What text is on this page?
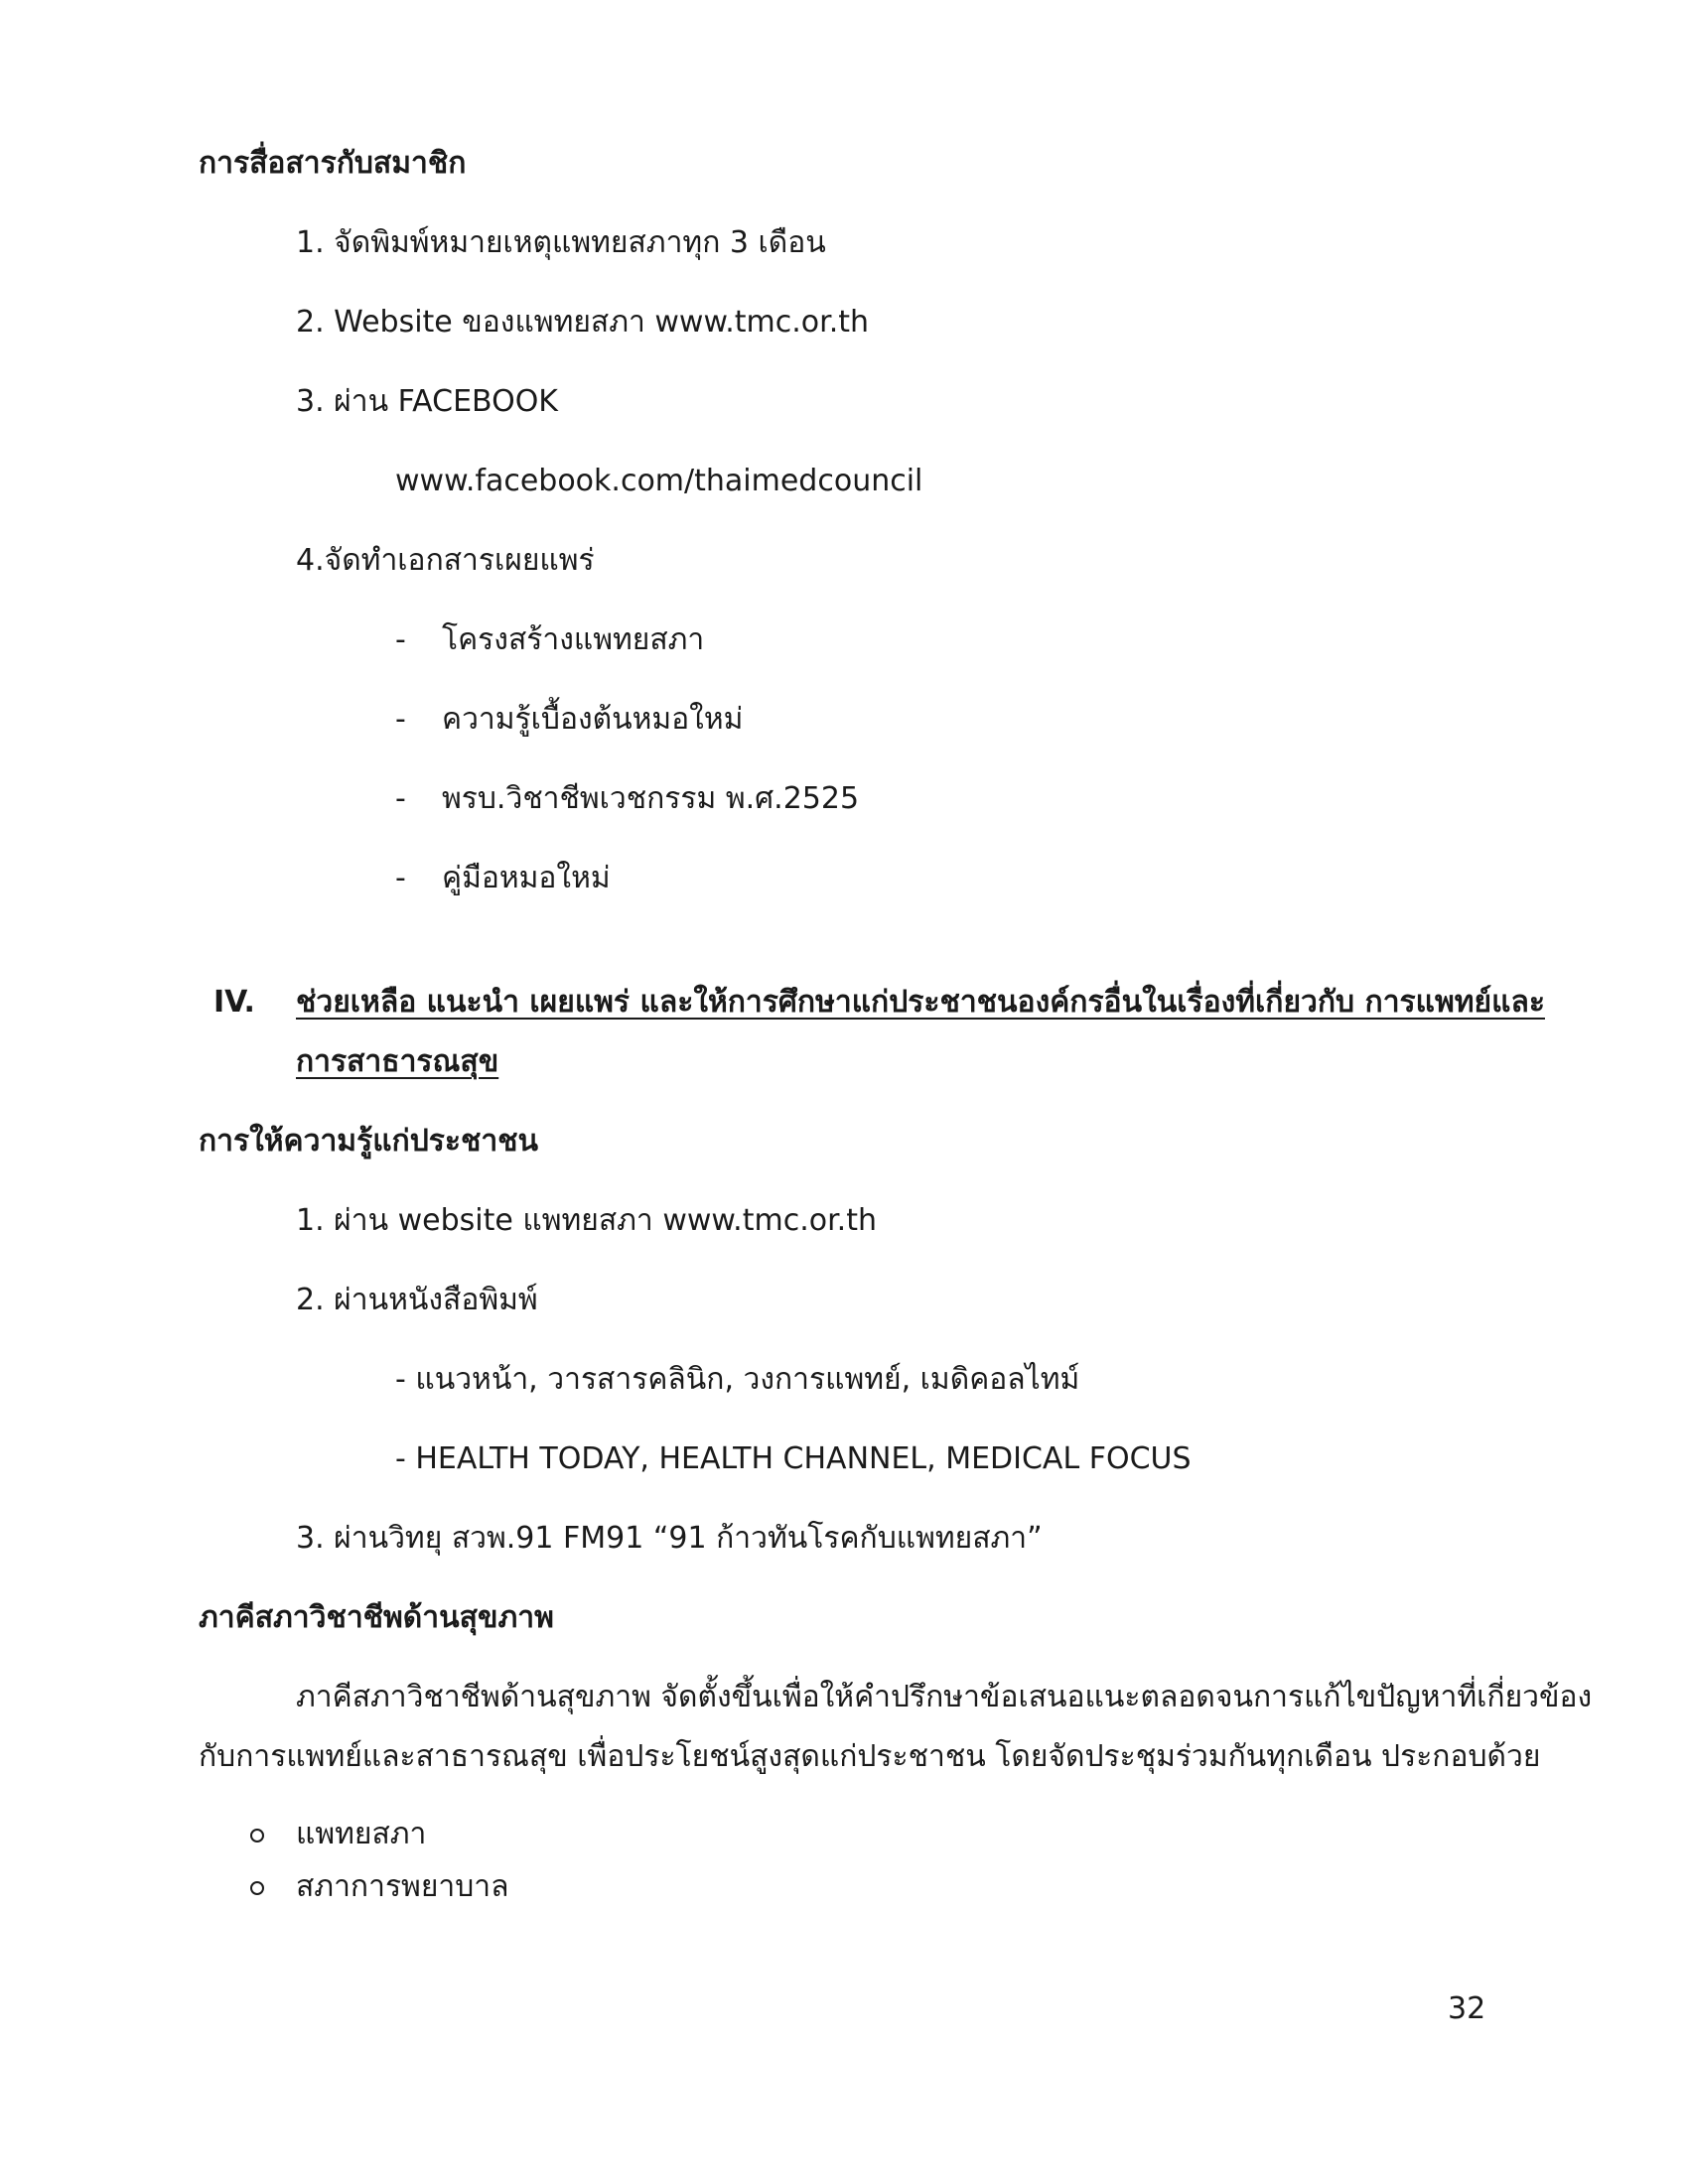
การสื่อสารกับสมาชิก

1. จัดพิมพ์หมายเหตุแพทยสภาทุก 3 เดือน

2. Website ของแพทยสภา www.tmc.or.th

3. ผ่าน FACEBOOK

www.facebook.com/thaimedcouncil

4.จัดทำเอกสารเผยแพร่

- โครงสร้างแพทยสภา

- ความรู้เบื้องต้นหมอใหม่

- พรบ.วิชาชีพเวชกรรม พ.ศ.2525

- คู่มือหมอใหม่

IV. ช่วยเหลือ แนะนำ เผยแพร่ และให้การศึกษาแก่ประชาชนองค์กรอื่นในเรื่องที่เกี่ยวกับ การแพทย์และ

การสาธารณสุข

การให้ความรู้แก่ประชาชน

1. ผ่าน website แพทยสภา www.tmc.or.th

2. ผ่านหนังสือพิมพ์

- แนวหน้า, วารสารคลินิก, วงการแพทย์, เมดิคอลไทม์

- HEALTH TODAY, HEALTH CHANNEL, MEDICAL FOCUS

3. ผ่านวิทยุ สวพ.91 FM91 “91 ก้าวทันโรคกับแพทยสภา”

ภาคีสภาวิชาชีพด้านสุขภาพ

ภาคีสภาวิชาชีพด้านสุขภาพ จัดตั้งขึ้นเพื่อให้คำปรึกษาข้อเสนอแนะตลอดจนการแก้ไขปัญหาที่เกี่ยวข้อง

กับการแพทย์และสาธารณสุข เพื่อประโยชน์สูงสุดแก่ประชาชน โดยจัดประชุมร่วมกันทุกเดือน ประกอบด้วย

แพทยสภา

สภาการพยาบาล

32
